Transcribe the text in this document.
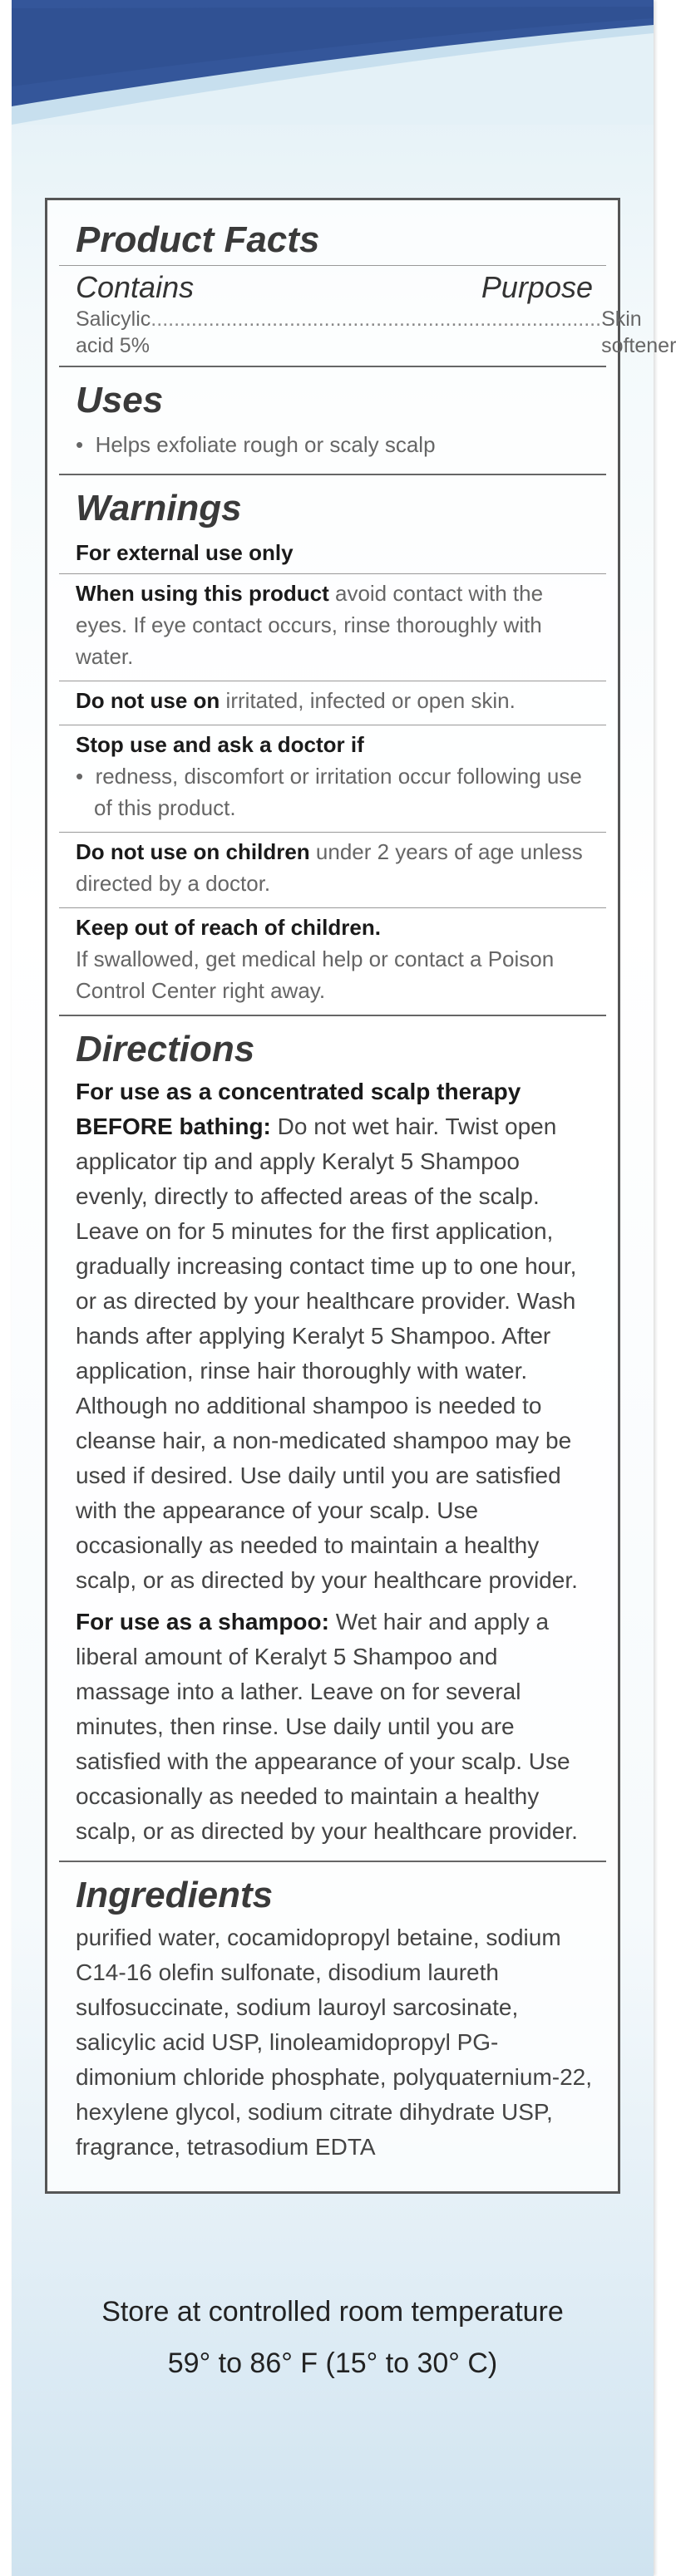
Product Facts
Contains	Purpose
Salicylic acid 5%
.............................................................................. Skin softener
Uses
•  Helps exfoliate rough or scaly scalp
Warnings
For external use only
When using this product avoid contact with the eyes. If eye contact occurs, rinse thoroughly with water.
Do not use on irritated, infected or open skin.
Stop use and ask a doctor if
•  redness, discomfort or irritation occur following use of this product.
Do not use on children under 2 years of age unless directed by a doctor.
Keep out of reach of children.
If swallowed, get medical help or contact a Poison Control Center right away.
Directions
For use as a concentrated scalp therapy BEFORE bathing: Do not wet hair. Twist open applicator tip and apply Keralyt 5 Shampoo evenly, directly to affected areas of the scalp. Leave on for 5 minutes for the first application, gradually increasing contact time up to one hour, or as directed by your healthcare provider. Wash hands after applying Keralyt 5 Shampoo. After application, rinse hair thoroughly with water. Although no additional shampoo is needed to cleanse hair, a non-medicated shampoo may be used if desired. Use daily until you are satisfied with the appearance of your scalp. Use occasionally as needed to maintain a healthy scalp, or as directed by your healthcare provider.
For use as a shampoo: Wet hair and apply a liberal amount of Keralyt 5 Shampoo and massage into a lather. Leave on for several minutes, then rinse. Use daily until you are satisfied with the appearance of your scalp. Use occasionally as needed to maintain a healthy scalp, or as directed by your healthcare provider.
Ingredients
purified water, cocamidopropyl betaine, sodium C14-16 olefin sulfonate, disodium laureth sulfosuccinate, sodium lauroyl sarcosinate, salicylic acid USP, linoleamidopropyl PG-dimonium chloride phosphate, polyquaternium-22, hexylene glycol, sodium citrate dihydrate USP, fragrance, tetrasodium EDTA
Store at controlled room temperature
59° to 86° F (15° to 30° C)
